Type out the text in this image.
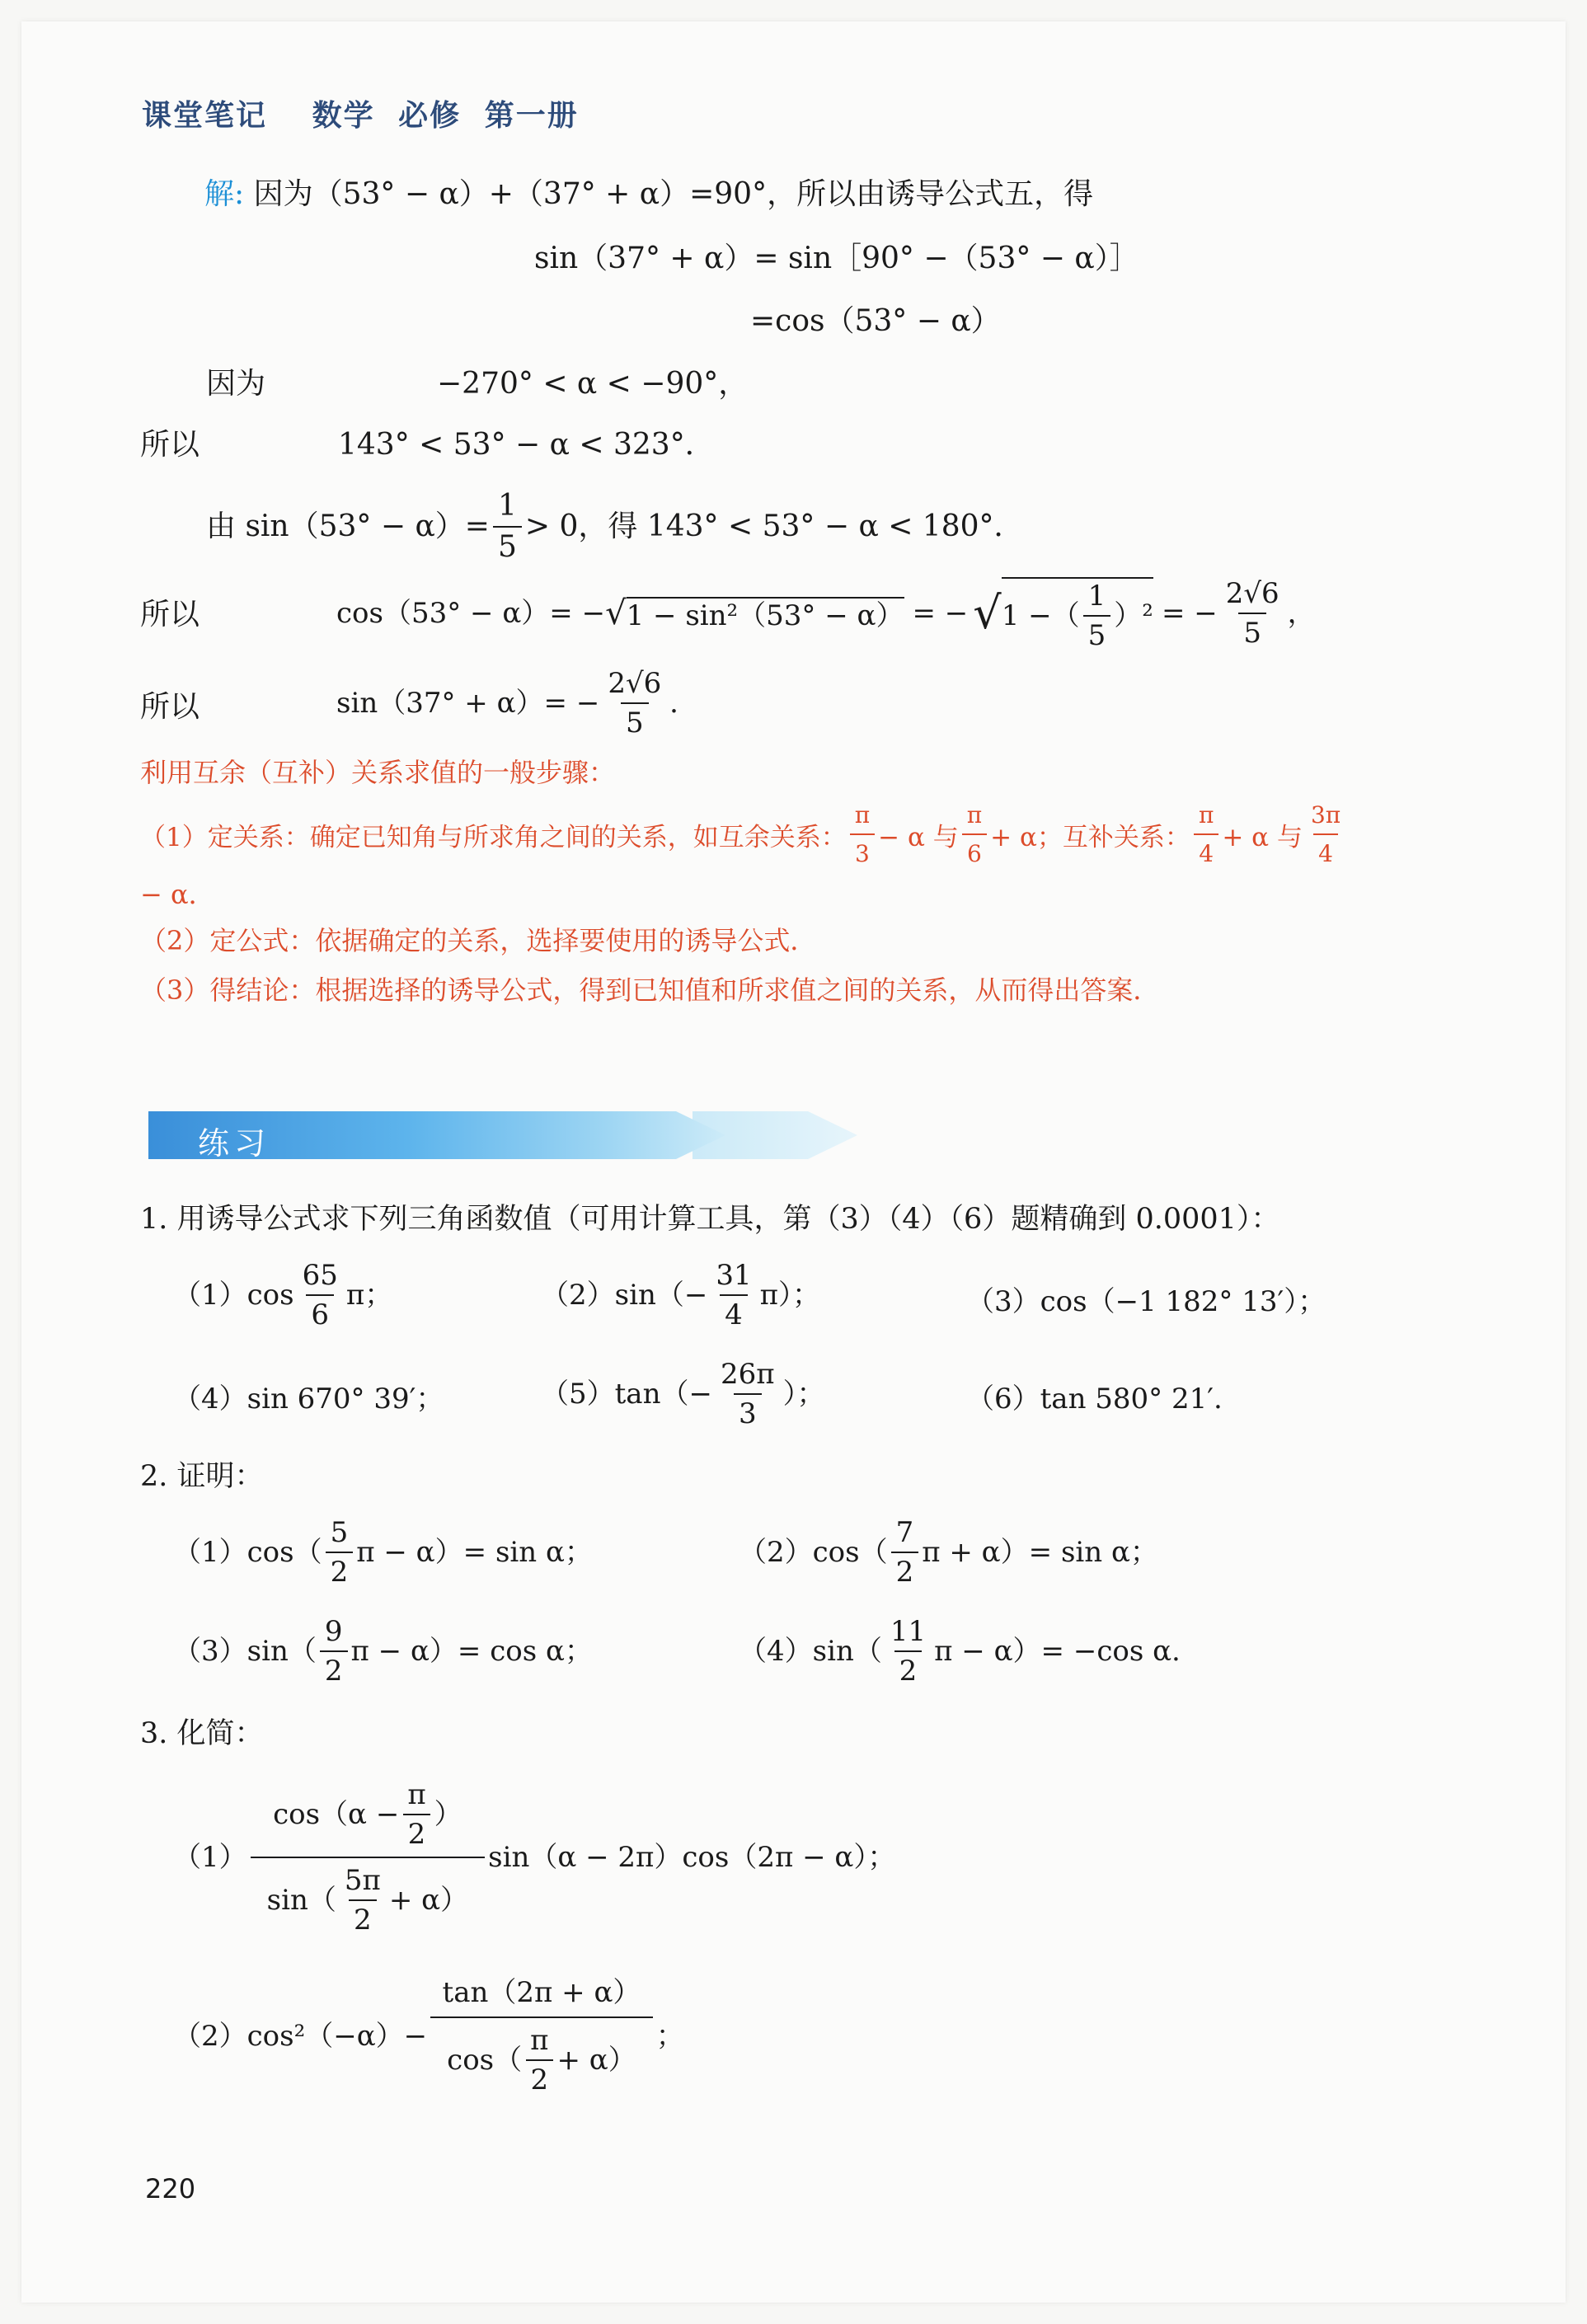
课堂笔记 数学 必修 第一册
解: 因为（53° − α）+（37° + α）=90°，所以由诱导公式五，得
sin（37° + α）= sin［90° −（53° − α）］
=cos（53° − α）
因为	−270° < α < −90°，
所以	143° < 53° − α < 323°．
由 $\sin(53^\circ - \alpha)= \frac{1}{5} > 0$，得 143° < 53° − α < 180°．
所以	cos（53° − α）= − √ 1 − sin²（53° − α） = − √ 1 −（ $\frac{1}{5} )^2$ = − $\frac{2√6}{5}$ ，
所以	$\sin(37^\circ + \alpha)= - \frac{2√6}{5}$ ．
利用互余（互补）关系求值的一般步骤：
（1）定关系：确定已知角与所求角之间的关系，如互余关系： $\frac{\pi}{3} - \alpha$ 与 $\frac{\pi}{6} + \alpha$；互补关系： $\frac{\pi}{4} + \alpha$ 与 $\frac{3\pi}{4}$
− α．
（2）定公式：依据确定的关系，选择要使用的诱导公式．
（3）得结论：根据选择的诱导公式，得到已知值和所求值之间的关系，从而得出答案．
练习
1. 用诱导公式求下列三角函数值（可用计算工具，第（3）（4）（6）题精确到 0.0001）：
$(1)\cos \frac{65}{6}$ π；	$(2)\sin(- \frac{31}{4} \pi)$；	（3）cos（−1 182° 13′）；
（4）sin 670° 39′；	$(5)\tan(- \frac{26\pi}{3}$ ）；	（6）tan 580° 21′.
2. 证明：
$(1)\cos( \frac{5}{2}$ π − α）= sin α；	$(2)\cos( \frac{7}{2}$ π + α）= sin α；
$(3)\sin( \frac{9}{2}$ π − α）= cos α；	$(4)\sin( \frac{11}{2}$ π − α）= −cos α.
3. 化简：
$(1) \frac{\cos(\alpha - \frac{\pi}{2} )}{\sin( \frac{5\pi}{2} + \alpha)} \sin(\alpha - 2\pi)\cos(2\pi - \alpha)$；
$(2)\cos^2(-\alpha)- \frac{\tan(2\pi + \alpha)}{\cos( \frac{\pi}{2} + \alpha)}$ ；
220
